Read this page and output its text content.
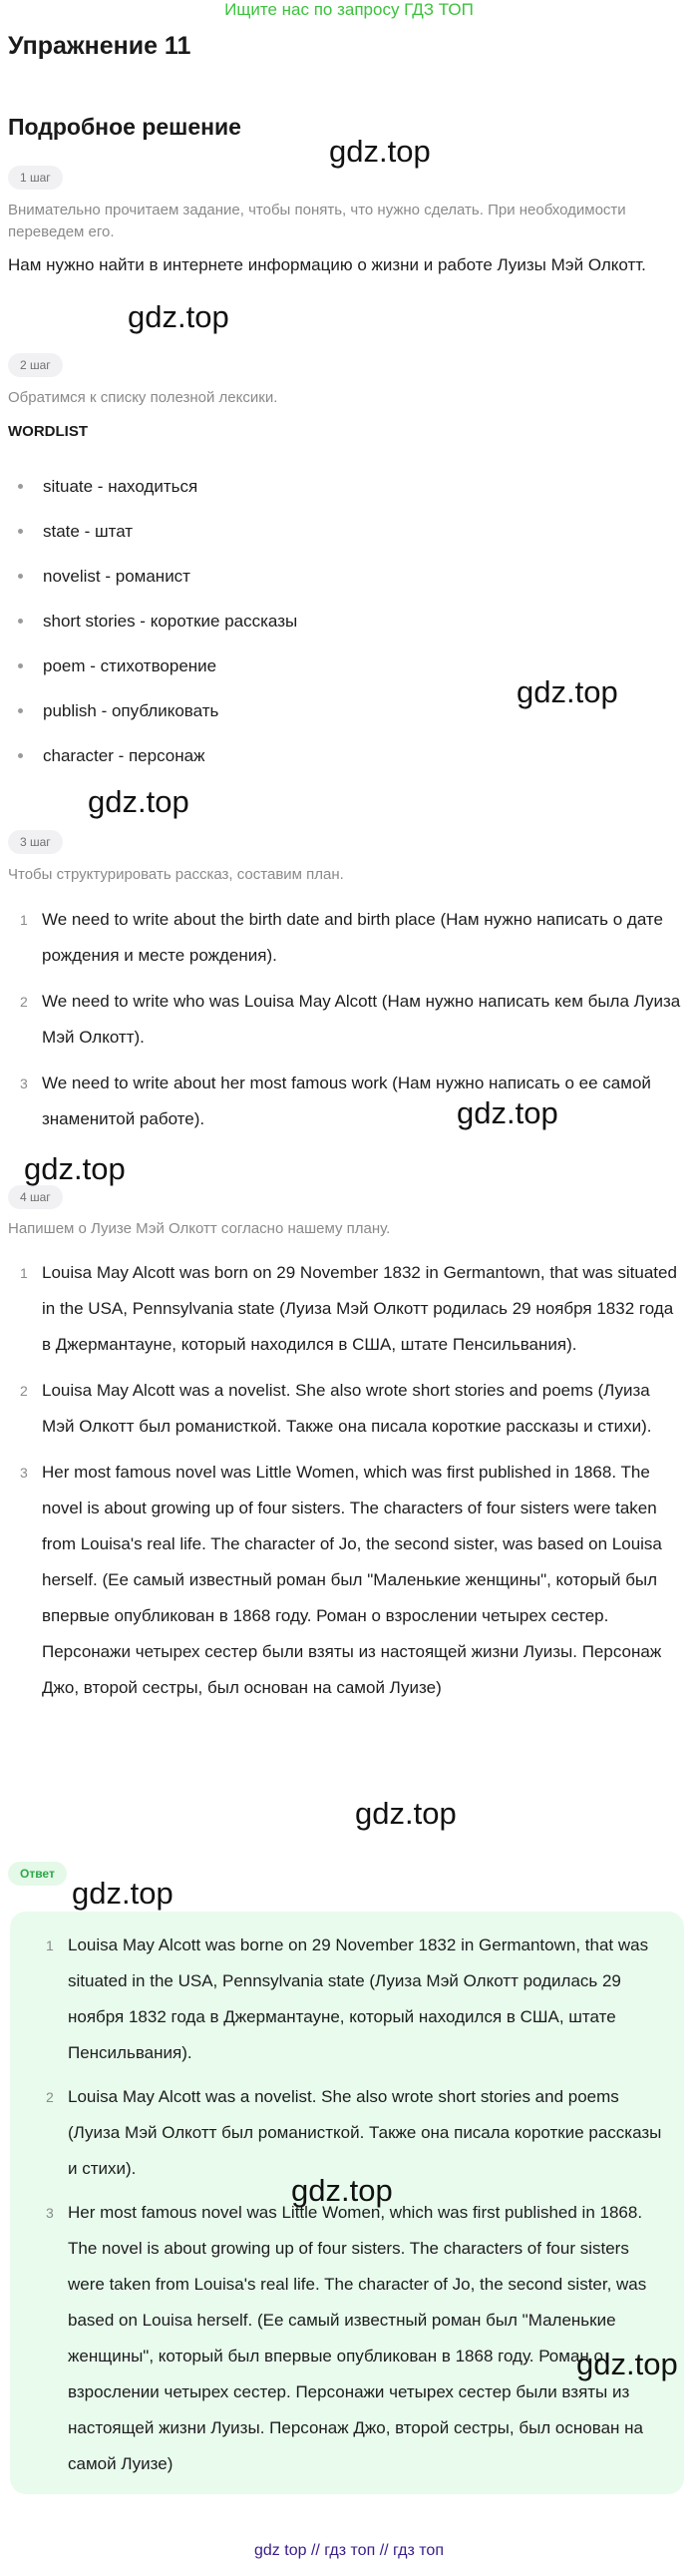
Ищите нас по запросу ГДЗ ТОП
Упражнение 11
Подробное решение
1 шаг
Внимательно прочитаем задание, чтобы понять, что нужно сделать. При необходимости переведем его.
Нам нужно найти в интернете информацию о жизни и работе Луизы Мэй Олкотт.
2 шаг
Обратимся к списку полезной лексики.
WORDLIST
situate - находиться
state - штат
novelist - романист
short stories - короткие рассказы
poem - стихотворение
publish - опубликовать
character - персонаж
3 шаг
Чтобы структурировать рассказ, составим план.
1 We need to write about the birth date and birth place (Нам нужно написать о дате рождения и месте рождения).
2 We need to write who was Louisa May Alcott (Нам нужно написать кем была Луиза Мэй Олкотт).
3 We need to write about her most famous work (Нам нужно написать о ее самой знаменитой работе).
4 шаг
Напишем о Луизе Мэй Олкотт согласно нашему плану.
1 Louisa May Alcott was born on 29 November 1832 in Germantown, that was situated in the USA, Pennsylvania state (Луиза Мэй Олкотт родилась 29 ноября 1832 года в Джермантауне, который находился в США, штате Пенсильвания).
2 Louisa May Alcott was a novelist. She also wrote short stories and poems (Луиза Мэй Олкотт был романисткой. Также она писала короткие рассказы и стихи).
3 Her most famous novel was Little Women, which was first published in 1868. The novel is about growing up of four sisters. The characters of four sisters were taken from Louisa's real life. The character of Jo, the second sister, was based on Louisa herself. (Ее самый известный роман был "Маленькие женщины", который был впервые опубликован в 1868 году. Роман о взрослении четырех сестер. Персонажи четырех сестер были взяты из настоящей жизни Луизы. Персонаж Джо, второй сестры, был основан на самой Луизе)
Ответ
1 Louisa May Alcott was borne on 29 November 1832 in Germantown, that was situated in the USA, Pennsylvania state (Луиза Мэй Олкотт родилась 29 ноября 1832 года в Джермантауне, который находился в США, штате Пенсильвания).
2 Louisa May Alcott was a novelist. She also wrote short stories and poems (Луиза Мэй Олкотт был романисткой. Также она писала короткие рассказы и стихи).
3 Her most famous novel was Little Women, which was first published in 1868. The novel is about growing up of four sisters. The characters of four sisters were taken from Louisa's real life. The character of Jo, the second sister, was based on Louisa herself. (Ее самый известный роман был "Маленькие женщины", который был впервые опубликован в 1868 году. Роман о взрослении четырех сестер. Персонажи четырех сестер были взяты из настоящей жизни Луизы. Персонаж Джо, второй сестры, был основан на самой Луизе)
gdz.top
gdz.top
gdz.top
gdz.top
gdz.top
gdz.top
gdz.top
gdz.top
gdz.top
gdz.top
gdz top // гдз топ // гдз топ
